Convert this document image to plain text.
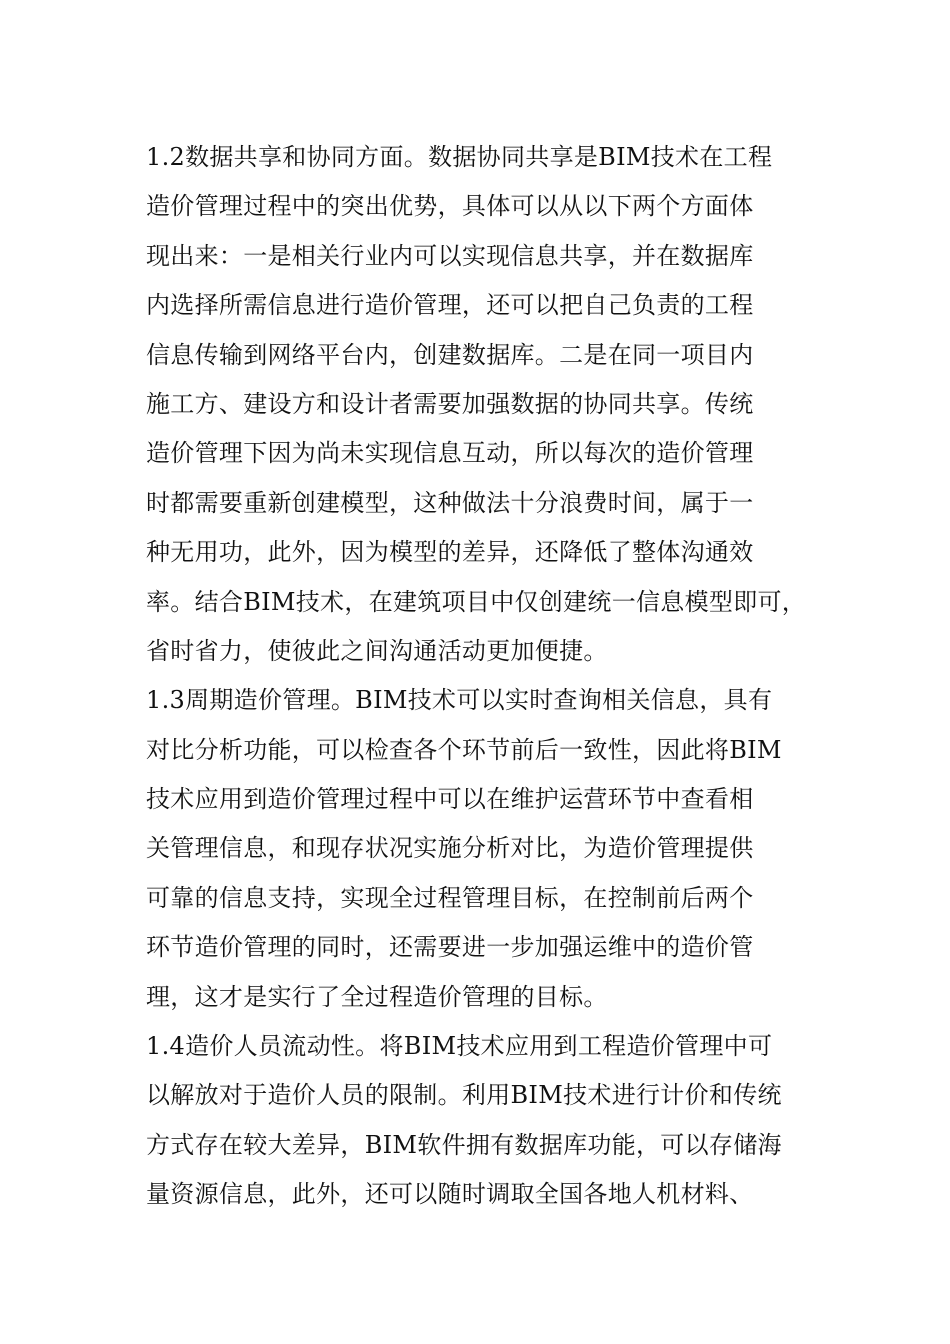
1.2数据共享和协同方面。数据协同共享是BIM技术在工程
造价管理过程中的突出优势，具体可以从以下两个方面体
现出来：一是相关行业内可以实现信息共享，并在数据库
内选择所需信息进行造价管理，还可以把自己负责的工程
信息传输到网络平台内，创建数据库。二是在同一项目内
施工方、建设方和设计者需要加强数据的协同共享。传统
造价管理下因为尚未实现信息互动，所以每次的造价管理
时都需要重新创建模型，这种做法十分浪费时间，属于一
种无用功，此外，因为模型的差异，还降低了整体沟通效
率。结合BIM技术，在建筑项目中仅创建统一信息模型即可，
省时省力，使彼此之间沟通活动更加便捷。
1.3周期造价管理。BIM技术可以实时查询相关信息，具有
对比分析功能，可以检查各个环节前后一致性，因此将BIM
技术应用到造价管理过程中可以在维护运营环节中查看相
关管理信息，和现存状况实施分析对比，为造价管理提供
可靠的信息支持，实现全过程管理目标，在控制前后两个
环节造价管理的同时，还需要进一步加强运维中的造价管
理，这才是实行了全过程造价管理的目标。
1.4造价人员流动性。将BIM技术应用到工程造价管理中可
以解放对于造价人员的限制。利用BIM技术进行计价和传统
方式存在较大差异，BIM软件拥有数据库功能，可以存储海
量资源信息，此外，还可以随时调取全国各地人机材料、
